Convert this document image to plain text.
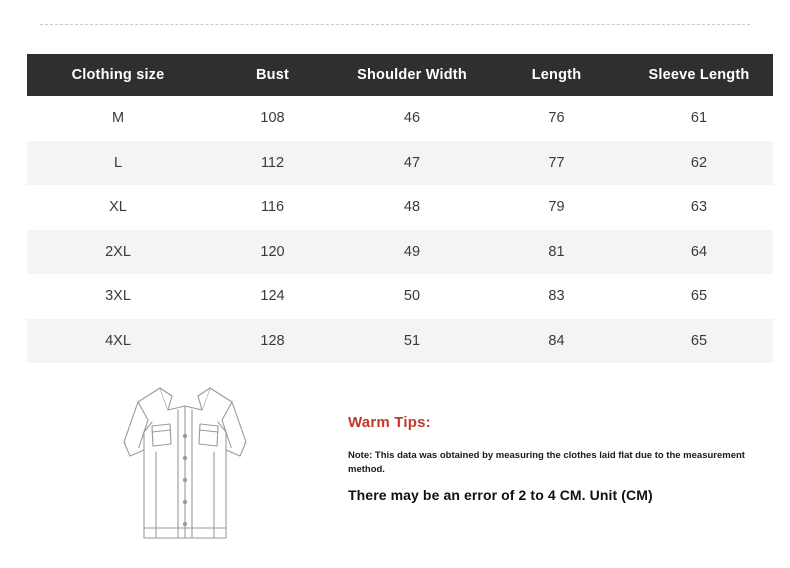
Clothing size	Bust	Shoulder Width	Length	Sleeve Length
M	108	46	76	61
L	112	47	77	62
XL	116	48	79	63
2XL	120	49	81	64
3XL	124	50	83	65
4XL	128	51	84	65

Warm Tips:

Note: This data was obtained by measuring the clothes laid flat due to the measurement method.

There may be an error of 2 to 4 CM. Unit (CM)
